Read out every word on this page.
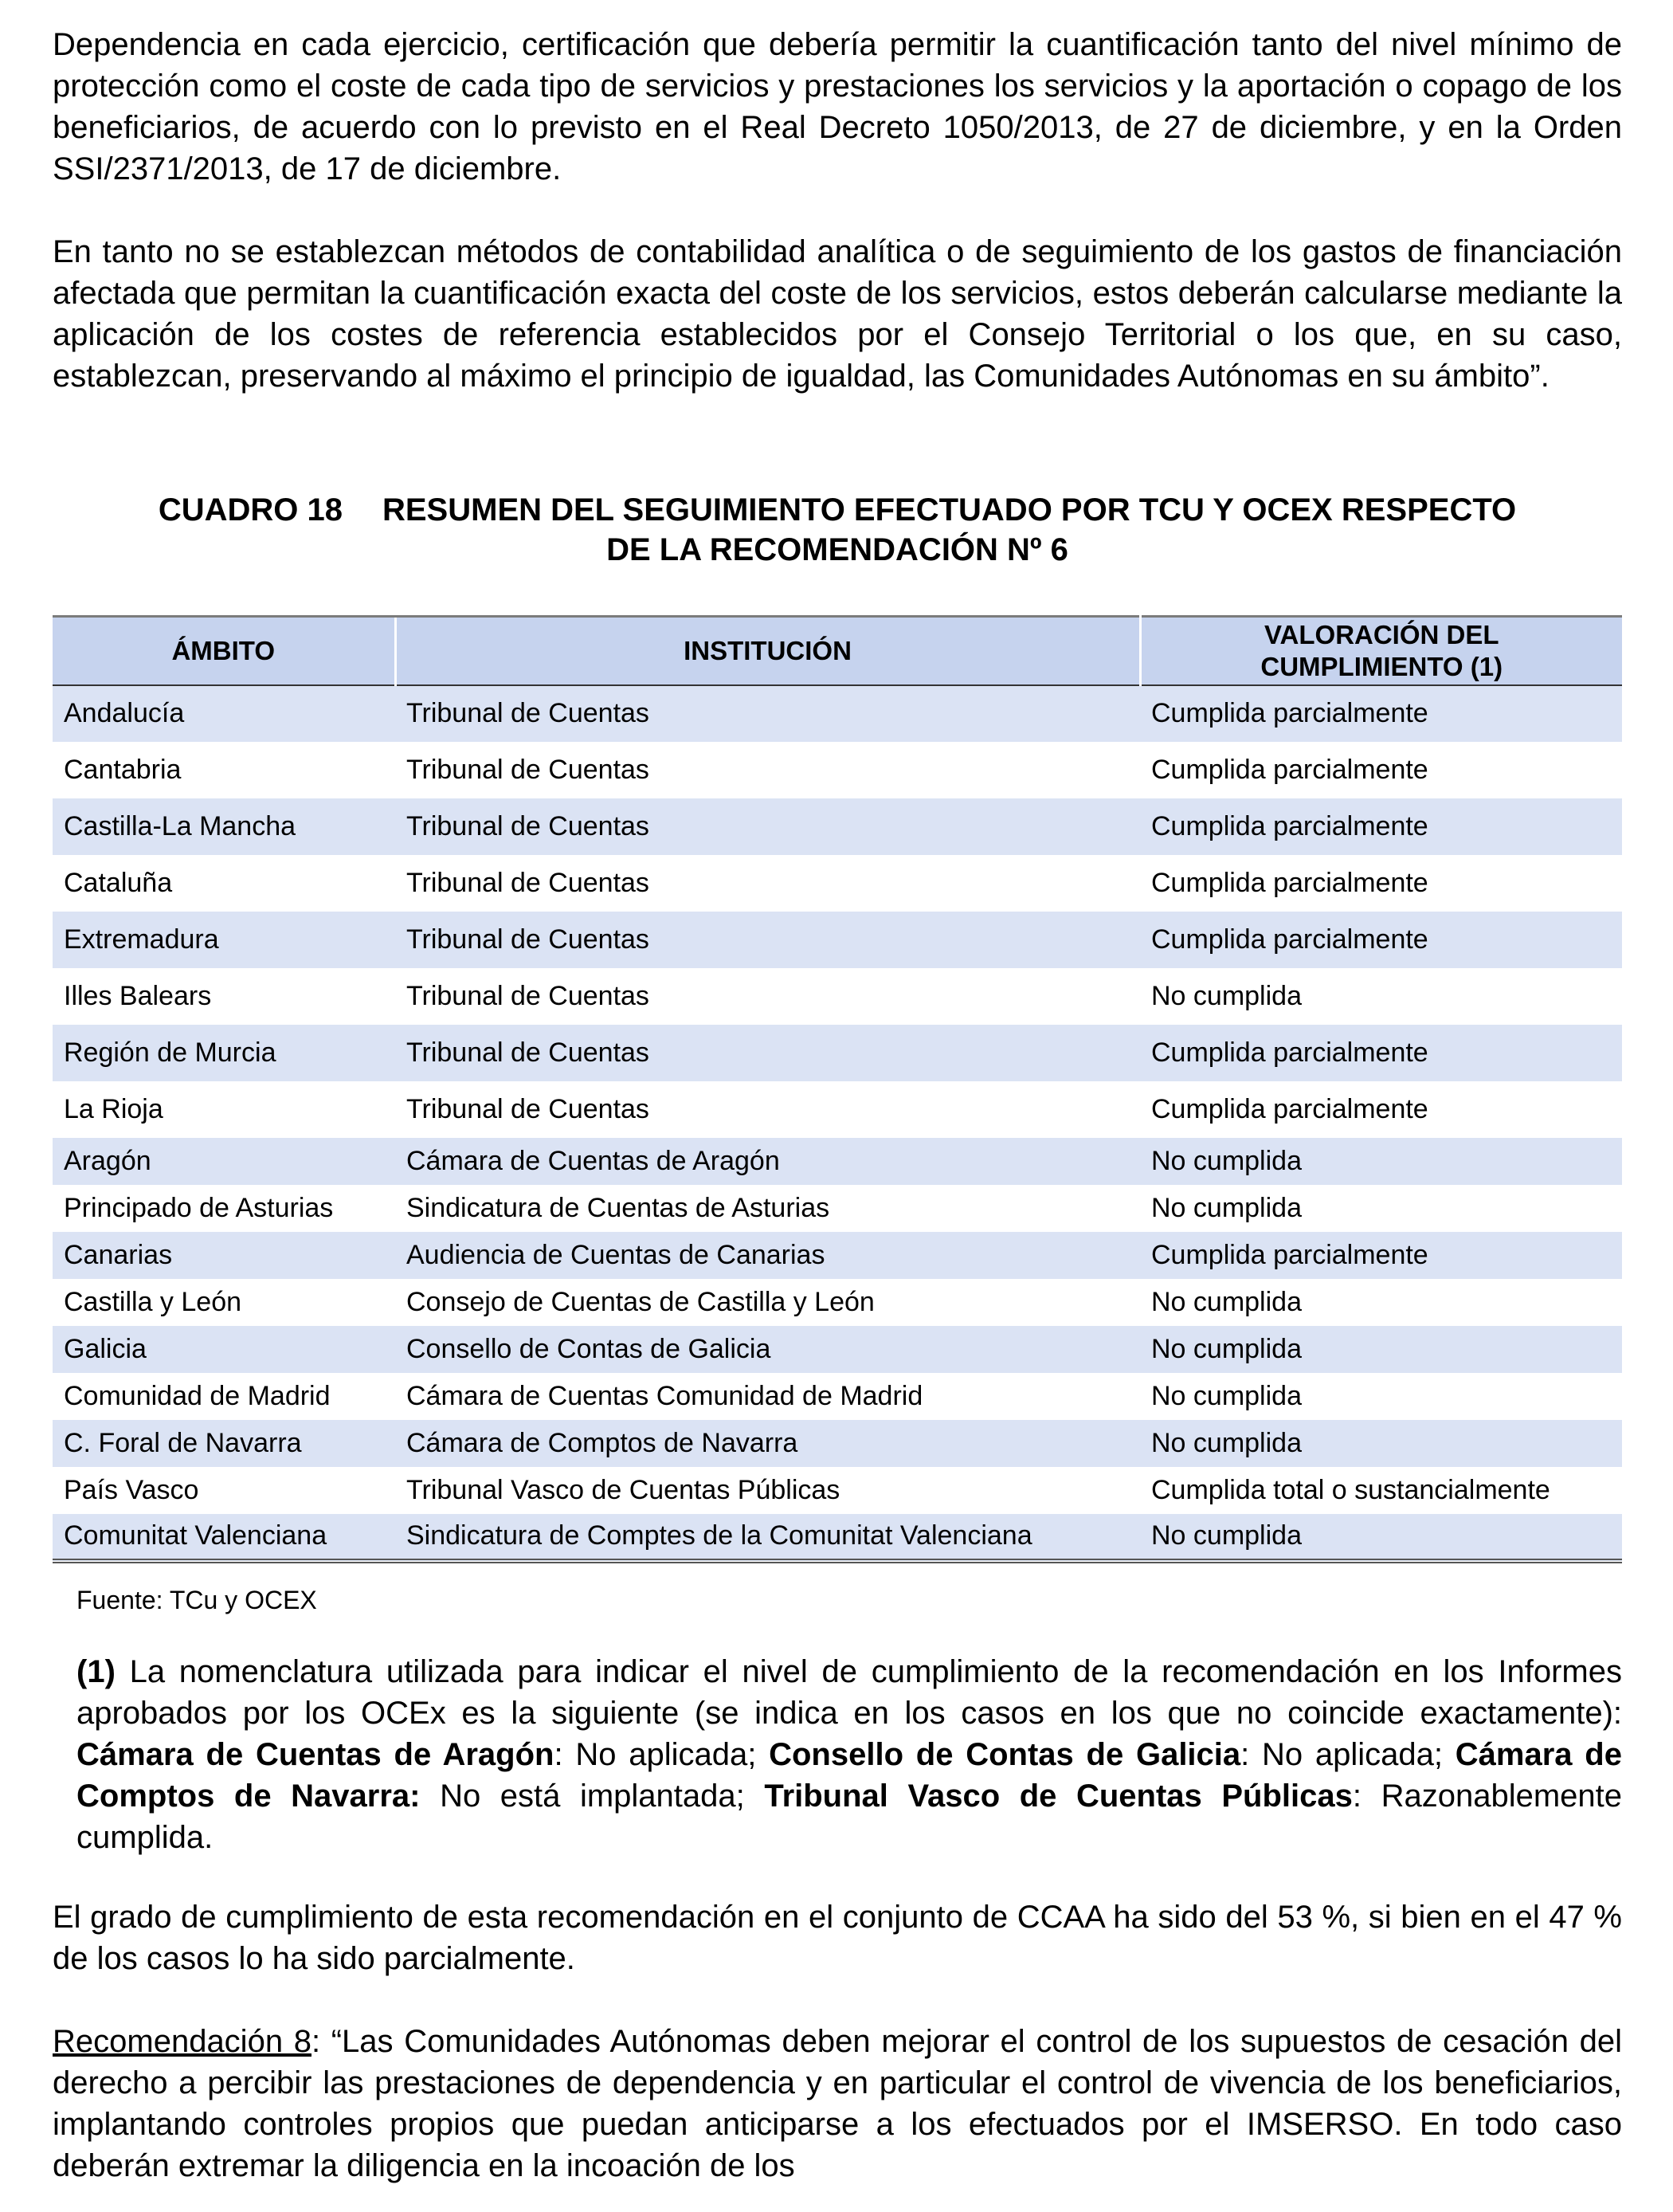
Dependencia en cada ejercicio, certificación que debería permitir la cuantificación tanto del nivel mínimo de protección como el coste de cada tipo de servicios y prestaciones los servicios y la aportación o copago de los beneficiarios, de acuerdo con lo previsto en el Real Decreto 1050/2013, de 27 de diciembre, y en la Orden SSI/2371/2013, de 17 de diciembre.

En tanto no se establezcan métodos de contabilidad analítica o de seguimiento de los gastos de financiación afectada que permitan la cuantificación exacta del coste de los servicios, estos deberán calcularse mediante la aplicación de los costes de referencia establecidos por el Consejo Territorial o los que, en su caso, establezcan, preservando al máximo el principio de igualdad, las Comunidades Autónomas en su ámbito”.

CUADRO 18 RESUMEN DEL SEGUIMIENTO EFECTUADO POR TCU Y OCEX RESPECTO
DE LA RECOMENDACIÓN Nº 6
ÁMBITO	INSTITUCIÓN	VALORACIÓN DEL
CUMPLIMIENTO (1)
Andalucía	Tribunal de Cuentas	Cumplida parcialmente
Cantabria	Tribunal de Cuentas	Cumplida parcialmente
Castilla-La Mancha	Tribunal de Cuentas	Cumplida parcialmente
Cataluña	Tribunal de Cuentas	Cumplida parcialmente
Extremadura	Tribunal de Cuentas	Cumplida parcialmente
Illes Balears	Tribunal de Cuentas	No cumplida
Región de Murcia	Tribunal de Cuentas	Cumplida parcialmente
La Rioja	Tribunal de Cuentas	Cumplida parcialmente
Aragón	Cámara de Cuentas de Aragón	No cumplida
Principado de Asturias	Sindicatura de Cuentas de Asturias	No cumplida
Canarias	Audiencia de Cuentas de Canarias	Cumplida parcialmente
Castilla y León	Consejo de Cuentas de Castilla y León	No cumplida
Galicia	Consello de Contas de Galicia	No cumplida
Comunidad de Madrid	Cámara de Cuentas Comunidad de Madrid	No cumplida
C. Foral de Navarra	Cámara de Comptos de Navarra	No cumplida
País Vasco	Tribunal Vasco de Cuentas Públicas	Cumplida total o sustancialmente
Comunitat Valenciana	Sindicatura de Comptes de la Comunitat Valenciana	No cumplida

Fuente: TCu y OCEX

(1) La nomenclatura utilizada para indicar el nivel de cumplimiento de la recomendación en los Informes aprobados por los OCEx es la siguiente (se indica en los casos en los que no coincide exactamente): Cámara de Cuentas de Aragón: No aplicada; Consello de Contas de Galicia: No aplicada; Cámara de Comptos de Navarra: No está implantada; Tribunal Vasco de Cuentas Públicas: Razonablemente cumplida.

El grado de cumplimiento de esta recomendación en el conjunto de CCAA ha sido del 53 %, si bien en el 47 % de los casos lo ha sido parcialmente.

Recomendación 8: “Las Comunidades Autónomas deben mejorar el control de los supuestos de cesación del derecho a percibir las prestaciones de dependencia y en particular el control de vivencia de los beneficiarios, implantando controles propios que puedan anticiparse a los efectuados por el IMSERSO. En todo caso deberán extremar la diligencia en la incoación de los
